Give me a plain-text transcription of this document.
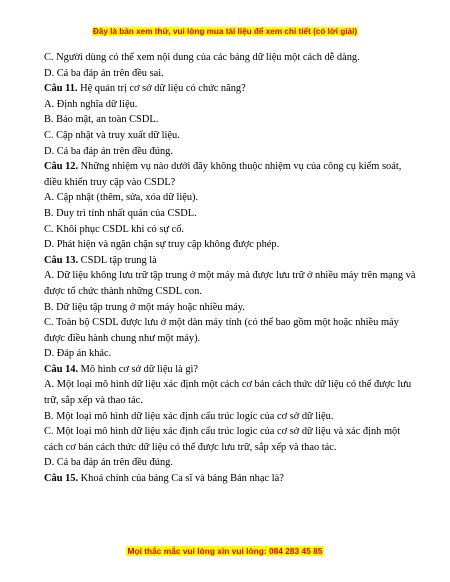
Đây là bản xem thử, vui lòng mua tài liệu để xem chi tiết (có lời giải)
C. Người dùng có thể xem nội dung của các bảng dữ liệu một cách dễ dàng.
D. Cả ba đáp án trên đều sai.
Câu 11. Hệ quản trị cơ sở dữ liệu có chức năng?
A. Định nghĩa dữ liệu.
B. Bảo mật, an toàn CSDL.
C. Cập nhật và truy xuất dữ liệu.
D. Cả ba đáp án trên đều đúng.
Câu 12. Những nhiệm vụ nào dưới đây không thuộc nhiệm vụ của công cụ kiểm soát, điều khiển truy cập vào CSDL?
A. Cập nhật (thêm, sửa, xóa dữ liệu).
B. Duy trì tính nhất quán của CSDL.
C. Khôi phục CSDL khi có sự cố.
D. Phát hiện và ngăn chặn sự truy cập không được phép.
Câu 13. CSDL tập trung là
A. Dữ liệu không lưu trữ tập trung ở một máy mà được lưu trữ ở nhiều máy trên mạng và được tổ chức thành những CSDL con.
B. Dữ liệu tập trung ở một máy hoặc nhiều máy.
C. Toàn bộ CSDL được lưu ở một dàn máy tính (có thể bao gồm một hoặc nhiều máy được điều hành chung như một máy).
D. Đáp án khác.
Câu 14. Mô hình cơ sở dữ liệu là gì?
A. Một loại mô hình dữ liệu xác định một cách cơ bản cách thức dữ liệu có thể được lưu trữ, sắp xếp và thao tác.
B. Một loại mô hình dữ liệu xác định cấu trúc logic của cơ sở dữ liệu.
C. Một loại mô hình dữ liệu xác định cấu trúc logic của cơ sở dữ liệu và xác định một cách cơ bản cách thức dữ liệu có thể được lưu trữ, sắp xếp và thao tác.
D. Cả ba đáp án trên đều đúng.
Câu 15. Khoá chính của bảng Ca sĩ và bảng Bản nhạc là?
Mọi thắc mắc vui lòng xin vui lòng: 084 283 45 85
